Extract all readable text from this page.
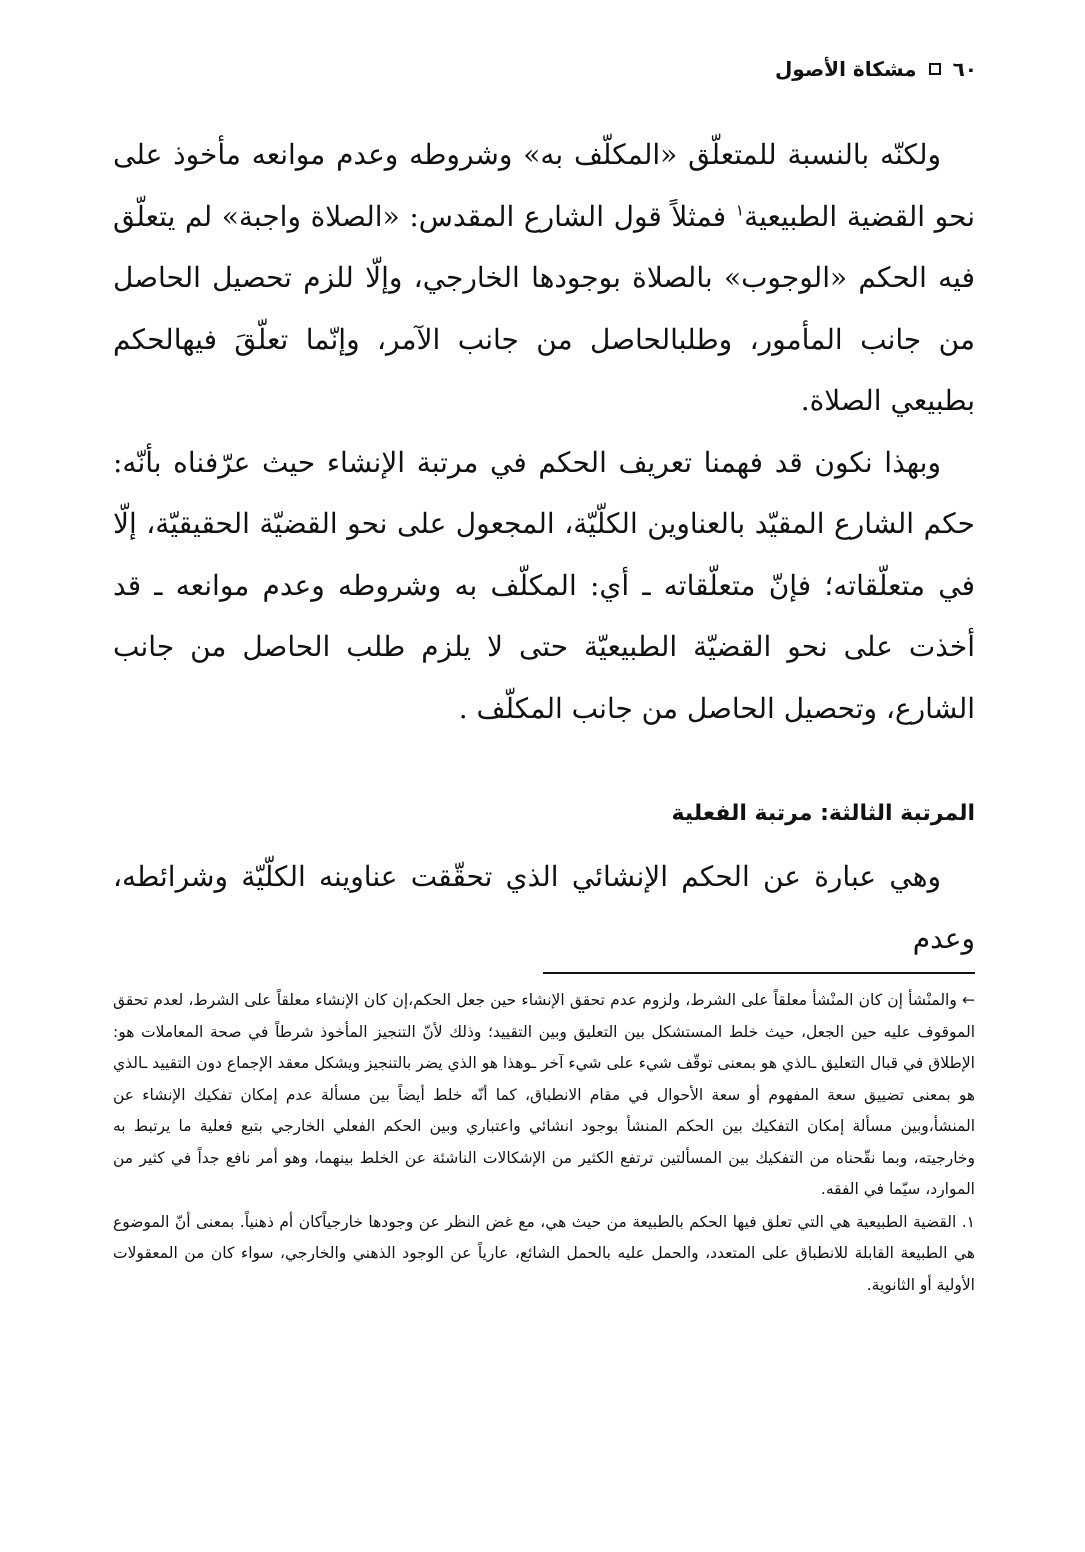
٦٠
مشكاة الأصول

ولكنّه بالنسبة للمتعلّق «المكلّف به» وشروطه وعدم موانعه مأخوذ على نحو القضية الطبيعية$^١$ فمثلاً قول الشارع المقدس: «الصلاة واجبة» لم يتعلّق فيه الحكم «الوجوب» بالصلاة بوجودها الخارجي، وإلّا للزم تحصيل الحاصل من جانب المأمور، وطلبالحاصل من جانب الآمر، وإنّما تعلّقَ فيهالحكم بطبيعي الصلاة.

وبهذا نكون قد فهمنا تعريف الحكم في مرتبة الإنشاء حيث عرّفناه بأنّه: حكم الشارع المقيّد بالعناوين الكلّيّة، المجعول على نحو القضيّة الحقيقيّة، إلّا في متعلّقاته؛ فإنّ متعلّقاته ـ أي: المكلّف به وشروطه وعدم موانعه ـ قد أخذت على نحو القضيّة الطبيعيّة حتى لا يلزم طلب الحاصل من جانب الشارع، وتحصيل الحاصل من جانب المكلّف .

المرتبة الثالثة: مرتبة الفعلية

وهي عبارة عن الحكم الإنشائي الذي تحقّقت عناوينه الكلّيّة وشرائطه، وعدم

← والمنْشأ إن كان المنْشأ معلقاً على الشرط، ولزوم عدم تحقق الإنشاء حين جعل الحكم،إن كان الإنشاء معلقاً على الشرط، لعدم تحقق الموقوف عليه حين الجعل، حيث خلط المستشكل بين التعليق وبين التقييد؛ وذلك لأنّ التنجيز المأخوذ شرطاً في صحة المعاملات هو: الإطلاق في قبال التعليق ـالذي هو بمعنى توقّف شيء على شيء آخر ـوهذا هو الذي يضر بالتنجيز ويشكل معقد الإجماع دون التقييد ـالذي هو بمعنى تضييق سعة المفهوم أو سعة الأحوال في مقام الانطباق، كما أنّه خلط أيضاً بين مسألة عدم إمكان تفكيك الإنشاء عن المنشأ،وبين مسألة إمكان التفكيك بين الحكم المنشأ بوجود انشائي واعتباري وبين الحكم الفعلي الخارجي بتبع فعلية ما يرتبط به وخارجيته، وبما نقّحناه من التفكيك بين المسألتين ترتفع الكثير من الإشكالات الناشئة عن الخلط بينهما، وهو أمر نافع جداً في كثير من الموارد، سيّما في الفقه.

١. القضية الطبيعية هي التي تعلق فيها الحكم بالطبيعة من حيث هي، مع غض النظر عن وجودها خارجياًكان أم ذهنياً. بمعنى أنّ الموضوع هي الطبيعة القابلة للانطباق على المتعدد، والحمل عليه بالحمل الشائع، عارياً عن الوجود الذهني والخارجي، سواء كان من المعقولات الأولية أو الثانوية.
